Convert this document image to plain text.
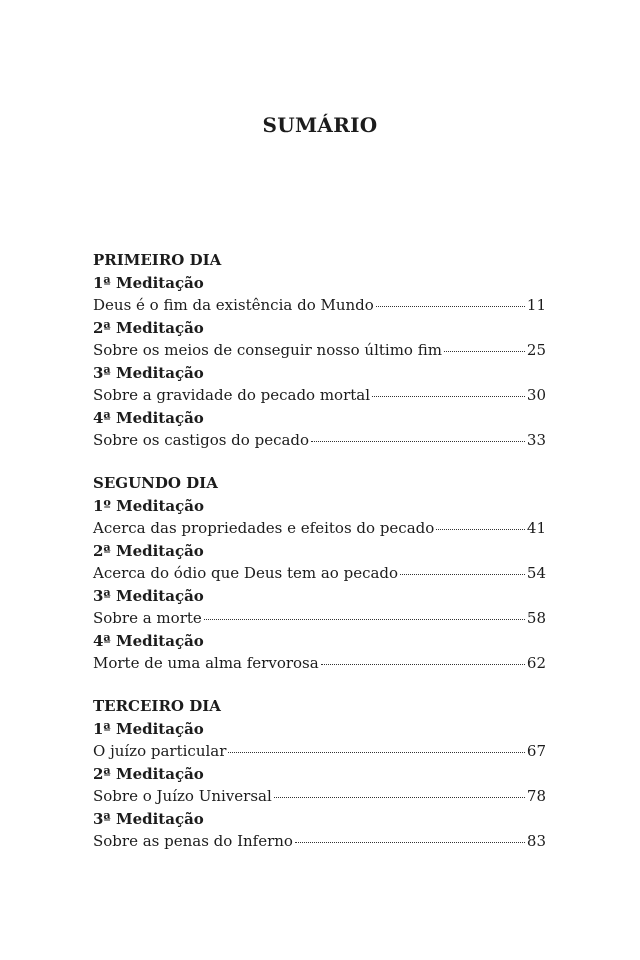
SUMÁRIO
PRIMEIRO DIA
1ª Meditação
Deus é o fim da existência do Mundo	11
2ª Meditação
Sobre os meios de conseguir nosso último fim	25
3ª Meditação
Sobre a gravidade do pecado mortal	30
4ª Meditação
Sobre os castigos do pecado	33
SEGUNDO DIA
1º Meditação
Acerca das propriedades e efeitos do pecado	41
2ª Meditação
Acerca do ódio que Deus tem ao pecado	54
3ª Meditação
Sobre a morte	58
4ª Meditação
Morte de uma alma fervorosa	62
TERCEIRO DIA
1ª Meditação
O juízo particular	67
2ª Meditação
Sobre o Juízo Universal	78
3ª Meditação
Sobre as penas do Inferno	83
